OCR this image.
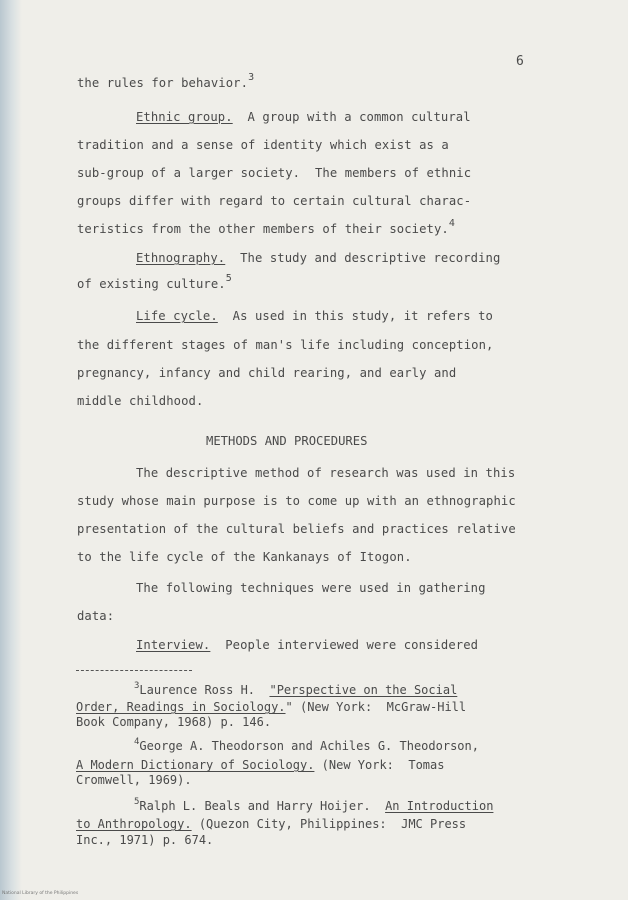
6
the rules for behavior.$^3$
Ethnic group.  A group with a common cultural
tradition and a sense of identity which exist as a
sub-group of a larger society.  The members of ethnic
groups differ with regard to certain cultural charac-
teristics from the other members of their society.$^4$
Ethnography.  The study and descriptive recording
of existing culture.$^5$
Life cycle.  As used in this study, it refers to
the different stages of man's life including conception,
pregnancy, infancy and child rearing, and early and
middle childhood.
METHODS AND PROCEDURES
The descriptive method of research was used in this
study whose main purpose is to come up with an ethnographic
presentation of the cultural beliefs and practices relative
to the life cycle of the Kankanays of Itogon.
The following techniques were used in gathering
data:
Interview.  People interviewed were considered
$^3$Laurence Ross H.  "Perspective on the Social
Order, Readings in Sociology." (New York:  McGraw-Hill
Book Company, 1968) p. 146.
$^4$George A. Theodorson and Achiles G. Theodorson,
A Modern Dictionary of Sociology. (New York:  Tomas
Cromwell, 1969).
$^5$Ralph L. Beals and Harry Hoijer.  An Introduction
to Anthropology. (Quezon City, Philippines:  JMC Press
Inc., 1971) p. 674.
National Library of the Philippines
